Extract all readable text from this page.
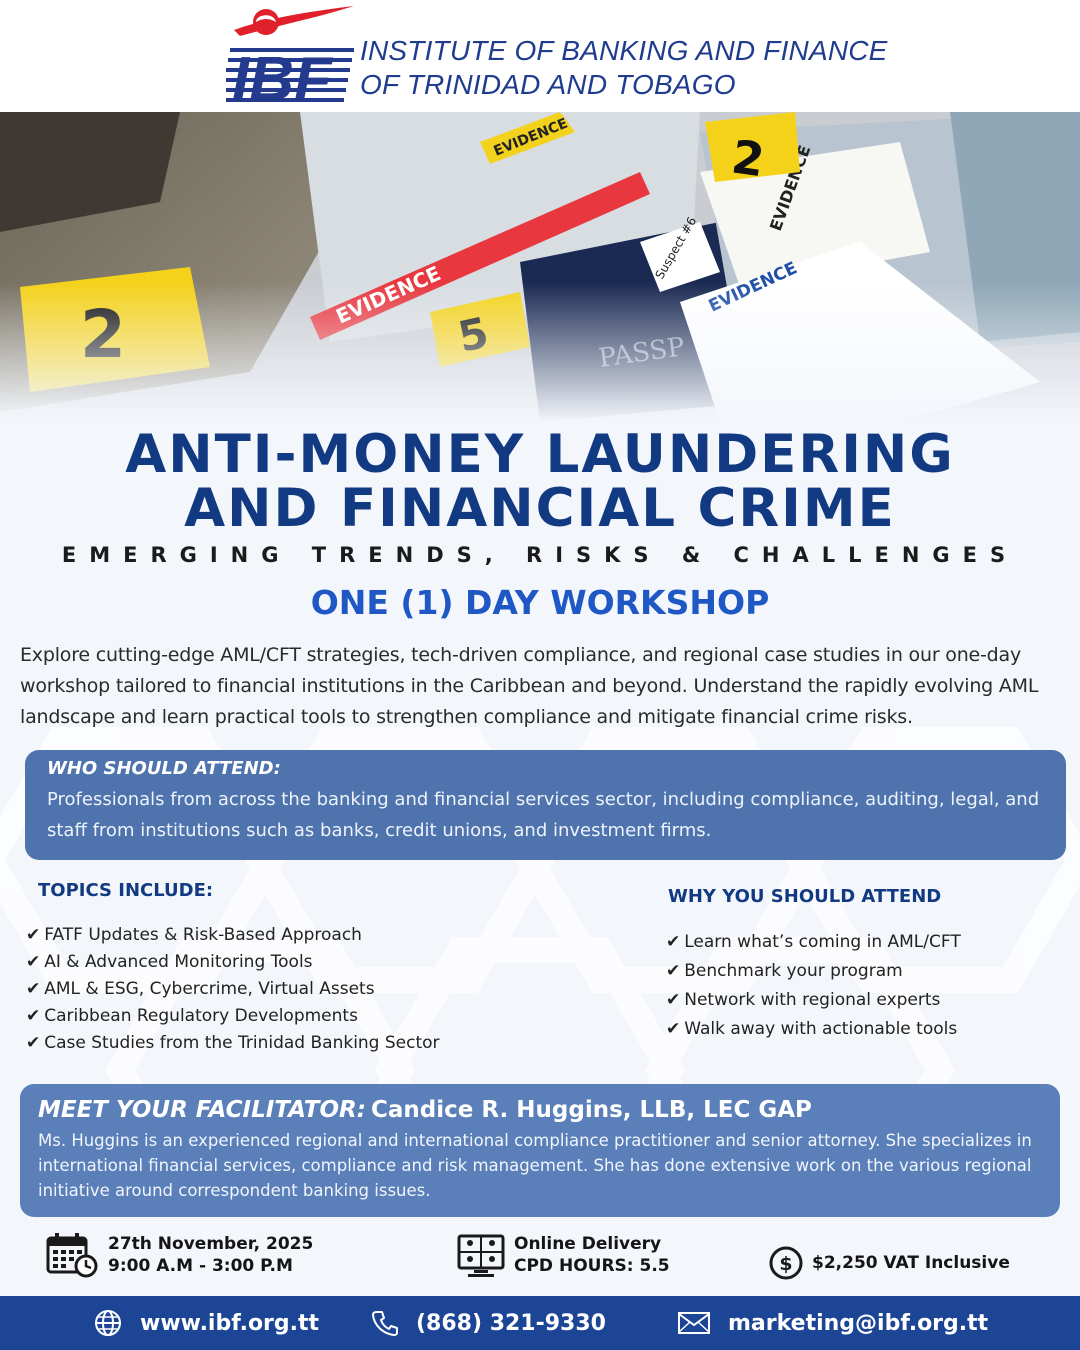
IBF INSTITUTE OF BANKING AND FINANCE
OF TRINIDAD AND TOBAGO
ANTI-MONEY LAUNDERING
AND FINANCIAL CRIME
EMERGING TRENDS, RISKS & CHALLENGES
ONE (1) DAY WORKSHOP
Explore cutting-edge AML/CFT strategies, tech-driven compliance, and regional case studies in our one-day workshop tailored to financial institutions in the Caribbean and beyond. Understand the rapidly evolving AML landscape and learn practical tools to strengthen compliance and mitigate financial crime risks.
WHO SHOULD ATTEND:
Professionals from across the banking and financial services sector, including compliance, auditing, legal, and staff from institutions such as banks, credit unions, and investment firms.
TOPICS INCLUDE:
✔ FATF Updates & Risk-Based Approach
✔ AI & Advanced Monitoring Tools
✔ AML & ESG, Cybercrime, Virtual Assets
✔ Caribbean Regulatory Developments
✔ Case Studies from the Trinidad Banking Sector
WHY YOU SHOULD ATTEND
✔ Learn what’s coming in AML/CFT
✔ Benchmark your program
✔ Network with regional experts
✔ Walk away with actionable tools
MEET YOUR FACILITATOR: Candice R. Huggins, LLB, LEC GAP
Ms. Huggins is an experienced regional and international compliance practitioner and senior attorney. She specializes in international financial services, compliance and risk management. She has done extensive work on the various regional initiative around correspondent banking issues.
27th November, 2025
9:00 A.M - 3:00 P.M
Online Delivery
CPD HOURS: 5.5	$ $2,250 VAT Inclusive
www.ibf.org.tt	(868) 321-9330	marketing@ibf.org.tt
